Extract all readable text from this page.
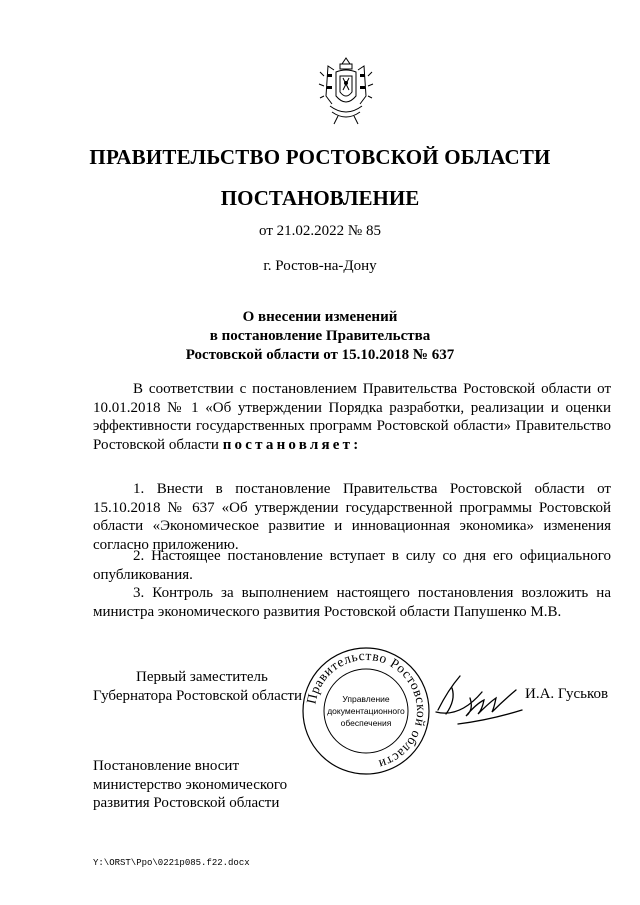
ПРАВИТЕЛЬСТВО РОСТОВСКОЙ ОБЛАСТИ
ПОСТАНОВЛЕНИЕ
от 21.02.2022 № 85
г. Ростов-на-Дону
О внесении изменений
в постановление Правительства
Ростовской области от 15.10.2018 № 637
В соответствии с постановлением Правительства Ростовской области от 10.01.2018 № 1 «Об утверждении Порядка разработки, реализации и оценки эффективности государственных программ Ростовской области» Правительство Ростовской области постановляет:
1. Внести в постановление Правительства Ростовской области от 15.10.2018 № 637 «Об утверждении государственной программы Ростовской области «Экономическое развитие и инновационная экономика» изменения согласно приложению.
2. Настоящее постановление вступает в силу со дня его официального опубликования.
3. Контроль за выполнением настоящего постановления возложить на министра экономического развития Ростовской области Папушенко М.В.
Первый заместитель
Губернатора Ростовской области Правительство Ростовской области
Управление
документационного
обеспечения
И.А. Гуськов
Постановление вносит
министерство экономического
развития Ростовской области
Y:\ORST\Ppo\0221p085.f22.docx
